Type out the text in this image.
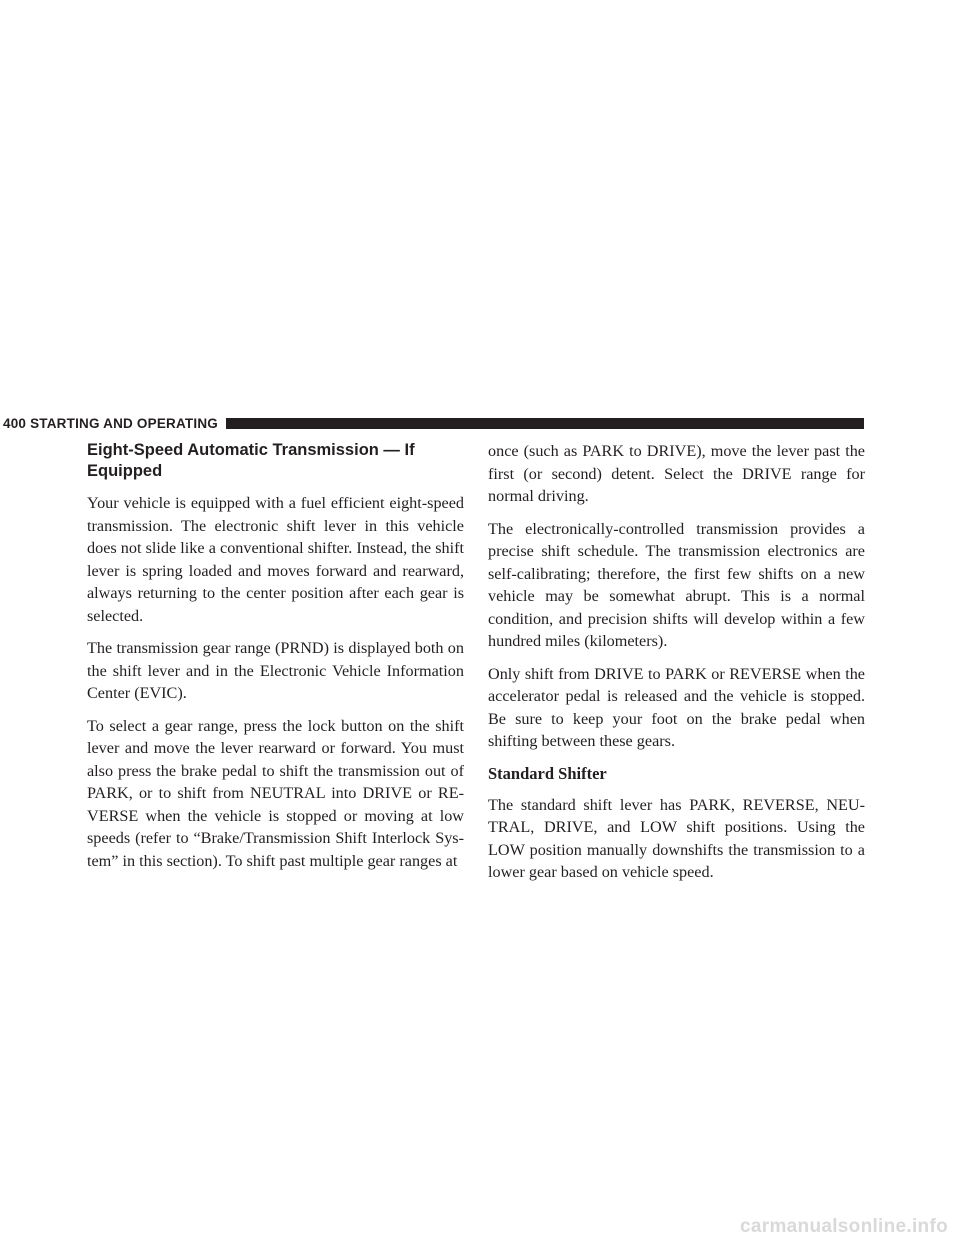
400 STARTING AND OPERATING
Eight-Speed Automatic Transmission — If Equipped

Your vehicle is equipped with a fuel efficient eight-speed transmission. The electronic shift lever in this vehicle does not slide like a conventional shifter. Instead, the shift lever is spring loaded and moves forward and rearward, always returning to the center position after each gear is selected.

The transmission gear range (PRND) is displayed both on the shift lever and in the Electronic Vehicle Information Center (EVIC).

To select a gear range, press the lock button on the shift lever and move the lever rearward or forward. You must also press the brake pedal to shift the transmission out of PARK, or to shift from NEUTRAL into DRIVE or REVERSE when the vehicle is stopped or moving at low speeds (refer to “Brake/Transmission Shift Interlock System” in this section). To shift past multiple gear ranges at

once (such as PARK to DRIVE), move the lever past the first (or second) detent. Select the DRIVE range for normal driving.

The electronically-controlled transmission provides a precise shift schedule. The transmission electronics are self-calibrating; therefore, the first few shifts on a new vehicle may be somewhat abrupt. This is a normal condition, and precision shifts will develop within a few hundred miles (kilometers).

Only shift from DRIVE to PARK or REVERSE when the accelerator pedal is released and the vehicle is stopped. Be sure to keep your foot on the brake pedal when shifting between these gears.

Standard Shifter

The standard shift lever has PARK, REVERSE, NEUTRAL, DRIVE, and LOW shift positions. Using the LOW position manually downshifts the transmission to a lower gear based on vehicle speed.

carmanualsonline.info
